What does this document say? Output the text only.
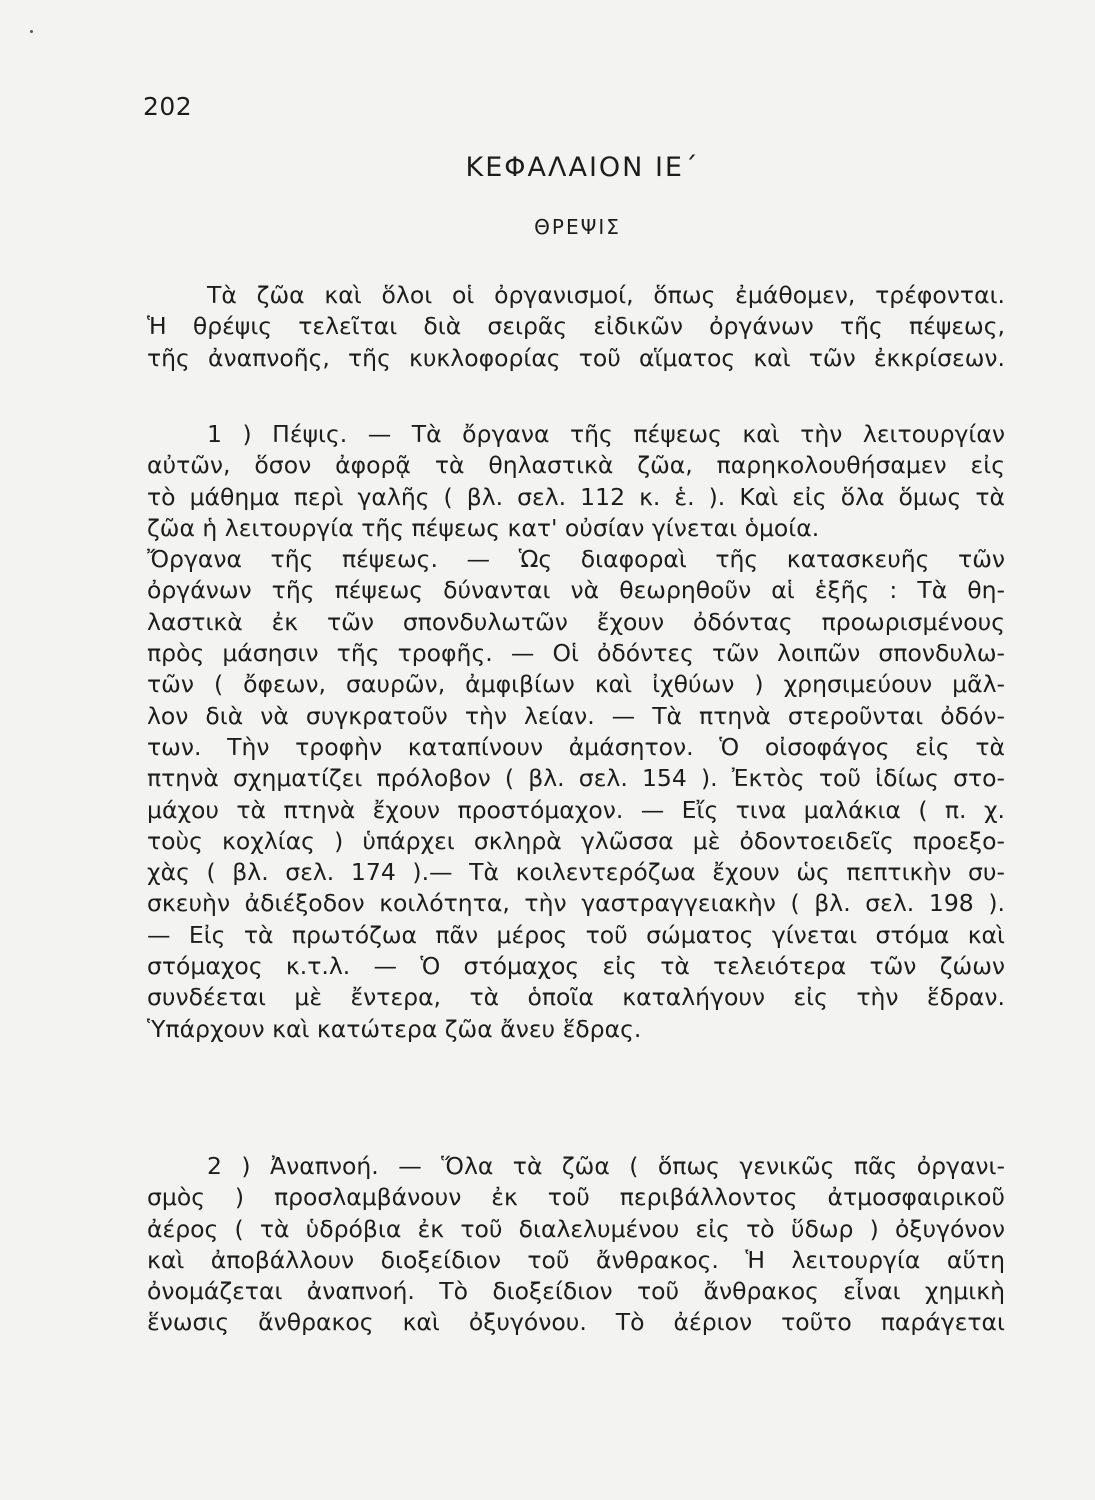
202
ΚΕΦΑΛΑΙΟΝ ΙΕ΄
ΘΡΕΨΙΣ
Τὰ ζῶα καὶ ὅλοι οἱ ὀργανισμοί, ὅπως ἐμάθομεν, τρέφονται.
Ἡ θρέψις τελεῖται διὰ σειρᾶς εἰδικῶν ὀργάνων τῆς πέψεως,
τῆς ἀναπνοῆς, τῆς κυκλοφορίας τοῦ αἵματος καὶ τῶν ἐκκρίσεων.
1 ) Πέψις. — Τὰ ὄργανα τῆς πέψεως καὶ τὴν λειτουργίαν
αὐτῶν, ὅσον ἀφορᾷ τὰ θηλαστικὰ ζῶα, παρηκολουθήσαμεν εἰς
τὸ μάθημα περὶ γαλῆς ( βλ. σελ. 112 κ. ἑ. ). Καὶ εἰς ὅλα ὅμως τὰ
ζῶα ἡ λειτουργία τῆς πέψεως κατ' οὐσίαν γίνεται ὁμοία.
Ὄργανα τῆς πέψεως. — Ὡς διαφοραὶ τῆς κατασκευῆς τῶν
ὀργάνων τῆς πέψεως δύνανται νὰ θεωρηθοῦν αἱ ἑξῆς : Τὰ θη-
λαστικὰ ἐκ τῶν σπονδυλωτῶν ἔχουν ὀδόντας προωρισμένους
πρὸς μάσησιν τῆς τροφῆς. — Οἱ ὀδόντες τῶν λοιπῶν σπονδυλω-
τῶν ( ὄφεων, σαυρῶν, ἀμφιβίων καὶ ἰχθύων ) χρησιμεύουν μᾶλ-
λον διὰ νὰ συγκρατοῦν τὴν λείαν. — Τὰ πτηνὰ στεροῦνται ὀδόν-
των. Τὴν τροφὴν καταπίνουν ἀμάσητον. Ὁ οἰσοφάγος εἰς τὰ
πτηνὰ σχηματίζει πρόλοβον ( βλ. σελ. 154 ). Ἐκτὸς τοῦ ἰδίως στο-
μάχου τὰ πτηνὰ ἔχουν προστόμαχον. — Εἴς τινα μαλάκια ( π. χ.
τοὺς κοχλίας ) ὑπάρχει σκληρὰ γλῶσσα μὲ ὀδοντοειδεῖς προεξο-
χὰς ( βλ. σελ. 174 ).— Τὰ κοιλεντερόζωα ἔχουν ὡς πεπτικὴν συ-
σκευὴν ἀδιέξοδον κοιλότητα, τὴν γαστραγγειακὴν ( βλ. σελ. 198 ).
— Εἰς τὰ πρωτόζωα πᾶν μέρος τοῦ σώματος γίνεται στόμα καὶ
στόμαχος κ.τ.λ. — Ὁ στόμαχος εἰς τὰ τελειότερα τῶν ζώων
συνδέεται μὲ ἔντερα, τὰ ὁποῖα καταλήγουν εἰς τὴν ἕδραν.
Ὑπάρχουν καὶ κατώτερα ζῶα ἄνευ ἕδρας.
2 ) Ἀναπνοή. — Ὅλα τὰ ζῶα ( ὅπως γενικῶς πᾶς ὀργανι-
σμὸς ) προσλαμβάνουν ἐκ τοῦ περιβάλλοντος ἀτμοσφαιρικοῦ
ἀέρος ( τὰ ὑδρόβια ἐκ τοῦ διαλελυμένου εἰς τὸ ὕδωρ ) ὀξυγόνον
καὶ ἀποβάλλουν διοξείδιον τοῦ ἄνθρακος. Ἡ λειτουργία αὕτη
ὀνομάζεται ἀναπνοή. Τὸ διοξείδιον τοῦ ἄνθρακος εἶναι χημικὴ
ἕνωσις ἄνθρακος καὶ ὀξυγόνου. Τὸ ἀέριον τοῦτο παράγεται
